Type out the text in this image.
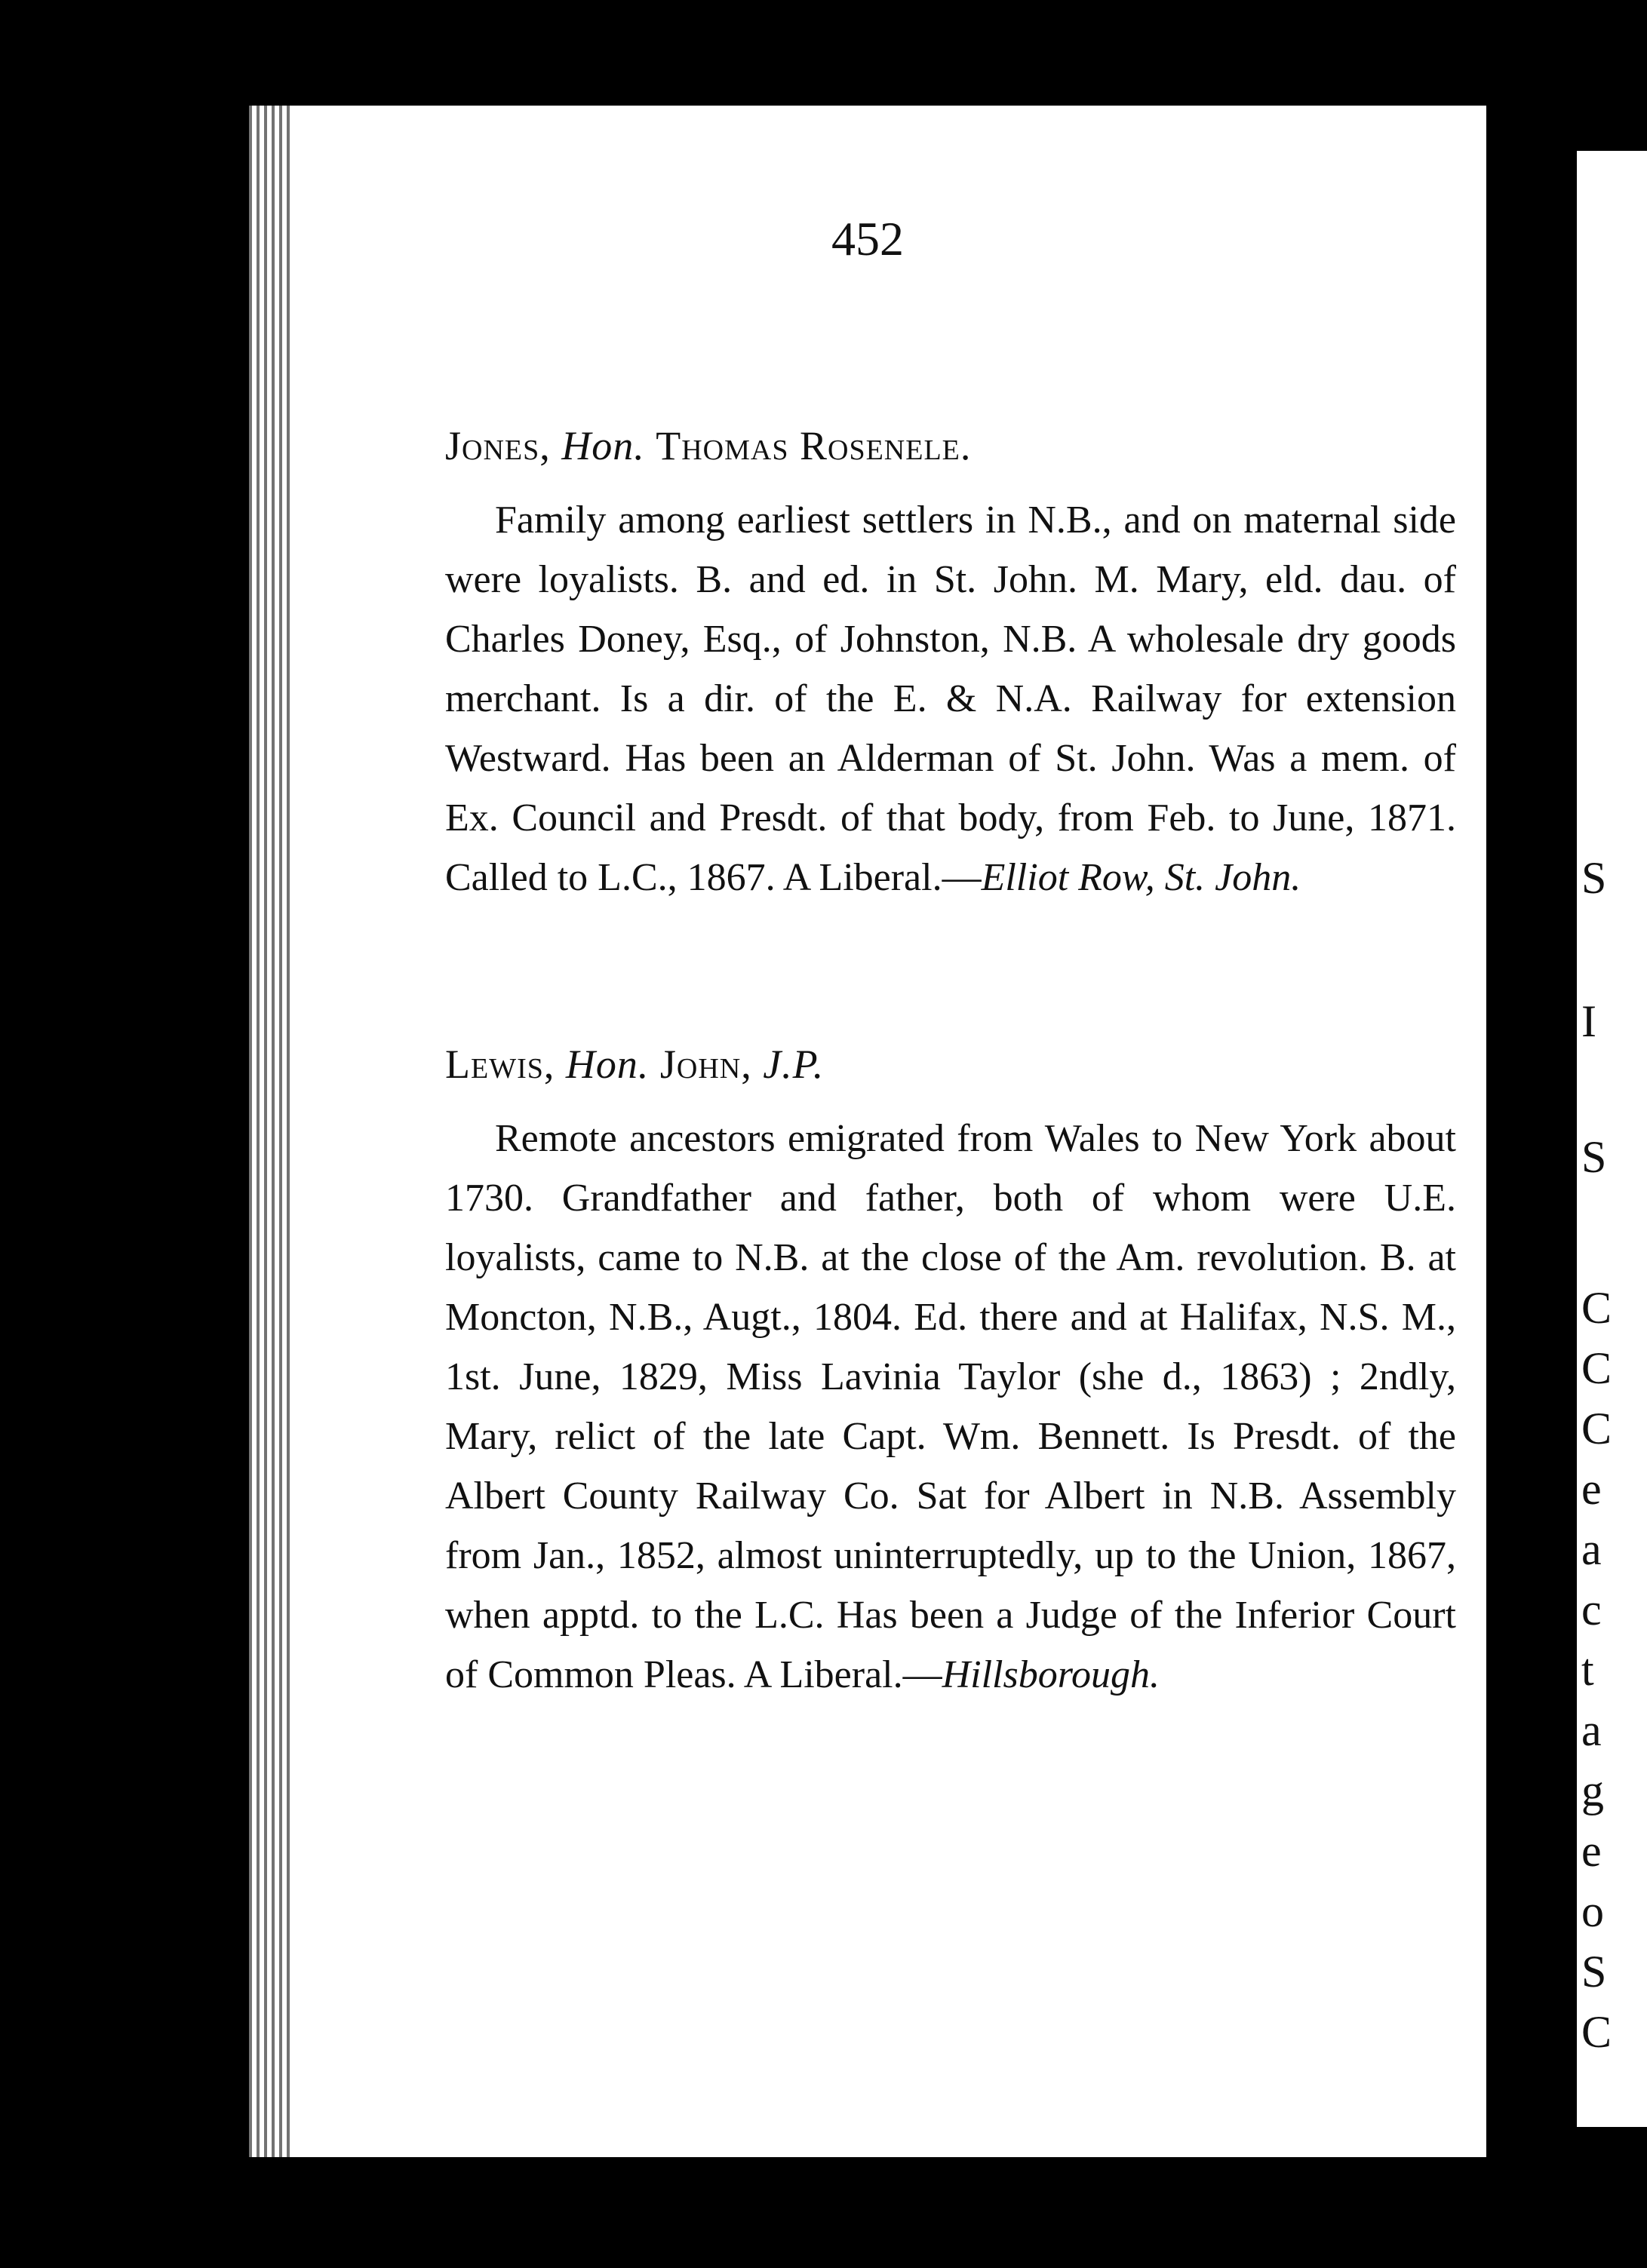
452
Jones, Hon. Thomas Rosenele.

Family among earliest settlers in N.B., and on maternal side were loyalists. B. and ed. in St. John. M. Mary, eld. dau. of Charles Doney, Esq., of Johnston, N.B. A wholesale dry goods merchant. Is a dir. of the E. & N.A. Railway for extension Westward. Has been an Alderman of St. John. Was a mem. of Ex. Council and Presdt. of that body, from Feb. to June, 1871. Called to L.C., 1867. A Liberal.—Elliot Row, St. John.

Lewis, Hon. John, J.P.

Remote ancestors emigrated from Wales to New York about 1730. Grandfather and father, both of whom were U.E. loyalists, came to N.B. at the close of the Am. revolution. B. at Moncton, N.B., Augt., 1804. Ed. there and at Halifax, N.S. M., 1st. June, 1829, Miss Lavinia Taylor (she d., 1863) ; 2ndly, Mary, relict of the late Capt. Wm. Bennett. Is Presdt. of the Albert County Railway Co. Sat for Albert in N.B. Assembly from Jan., 1852, almost uninterruptedly, up to the Union, 1867, when apptd. to the L.C. Has been a Judge of the Inferior Court of Common Pleas. A Liberal.—Hillsborough.

S
I
S
C
C
C
e
a
c
t
a
g
e
o
S
C
